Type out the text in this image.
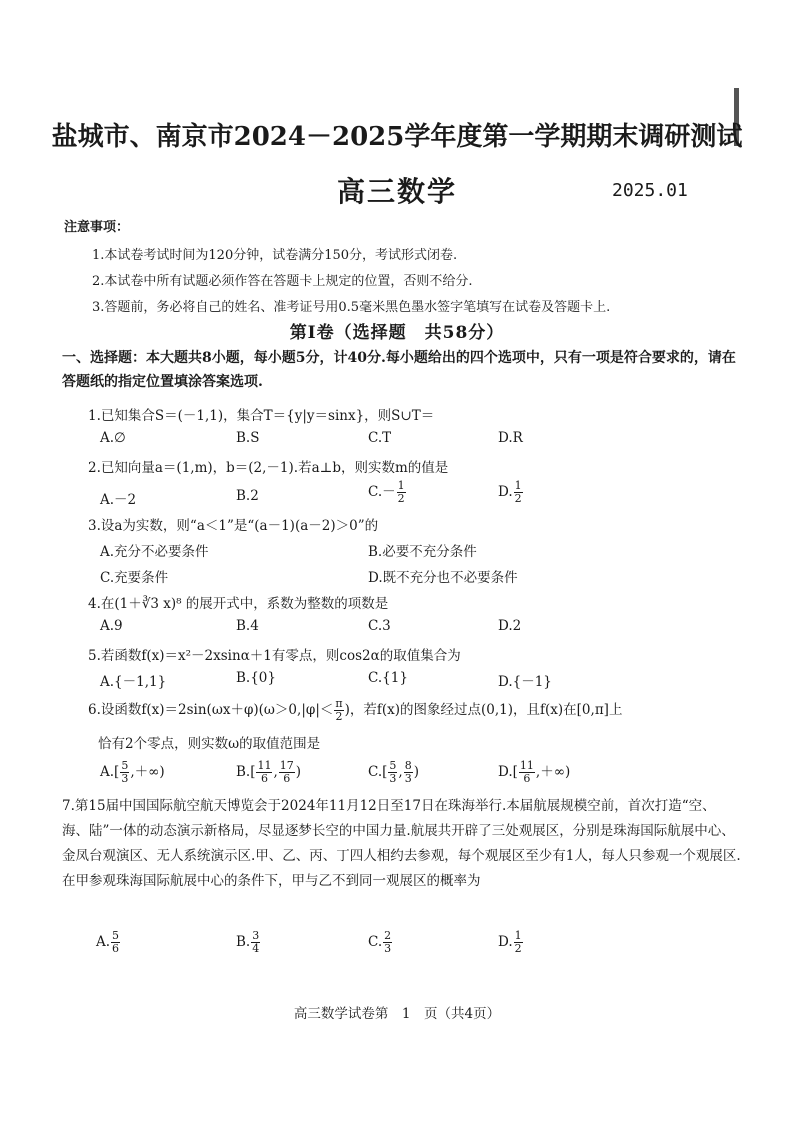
盐城市、南京市2024－2025学年度第一学期期末调研测试
高三数学	2025.01
注意事项：
1.本试卷考试时间为120分钟，试卷满分150分，考试形式闭卷.
2.本试卷中所有试题必须作答在答题卡上规定的位置，否则不给分.
3.答题前，务必将自己的姓名、准考证号用0.5毫米黑色墨水签字笔填写在试卷及答题卡上.
第Ⅰ卷（选择题　共58分）
一、选择题：本大题共8小题，每小题5分，计40分.每小题给出的四个选项中，只有一项是符合要求的，请在答题纸的指定位置填涂答案选项.
1.已知集合S＝(－1,1)，集合T＝{y|y＝sinx}，则S∪T＝
A.∅	B.S	C.T	D.R
2.已知向量a＝(1,m)，b＝(2,－1).若a⊥b，则实数m的值是
A.－2	B.2	$C.- \frac{1}{2}$	D. $\frac{1}{2}$
3.设a为实数，则“a＜1”是“(a－1)(a－2)＞0”的
A.充分不必要条件	B.必要不充分条件
C.充要条件	D.既不充分也不必要条件
4.在(1＋∛3 x)⁸ 的展开式中，系数为整数的项数是
A.9	B.4	C.3	D.2
5.若函数f(x)＝x²－2xsinα＋1有零点，则cos2α的取值集合为
A.{－1,1}	B.{0}	C.{1}	D.{－1}
6.设函数$f(x)=2\sin(\omega x+\varphi)(\omega>0,|\varphi|< \frac{\pi}{2}$ )，若f(x)的图象经过点(0,1)，且f(x)在[0,π]上
恰有2个零点，则实数ω的取值范围是
$A.[ \frac{5}{3}$ ,＋∞)	$B.[ \frac{11}{6}$ , $\frac{17}{6}$ )	$C.[ \frac{5}{3}$ , $\frac{8}{3}$ )	$D.[ \frac{11}{6}$ ,＋∞)
7.第15届中国国际航空航天博览会于2024年11月12日至17日在珠海举行.本届航展规模空前，首次打造“空、海、陆”一体的动态演示新格局，尽显逐梦长空的中国力量.航展共开辟了三处观展区，分别是珠海国际航展中心、金凤台观演区、无人系统演示区.甲、乙、丙、丁四人相约去参观，每个观展区至少有1人，每人只参观一个观展区.在甲参观珠海国际航展中心的条件下，甲与乙不到同一观展区的概率为
A. $\frac{5}{6}$	B. $\frac{3}{4}$	C. $\frac{2}{3}$	D. $\frac{1}{2}$
高三数学试卷第　1　页（共4页）
